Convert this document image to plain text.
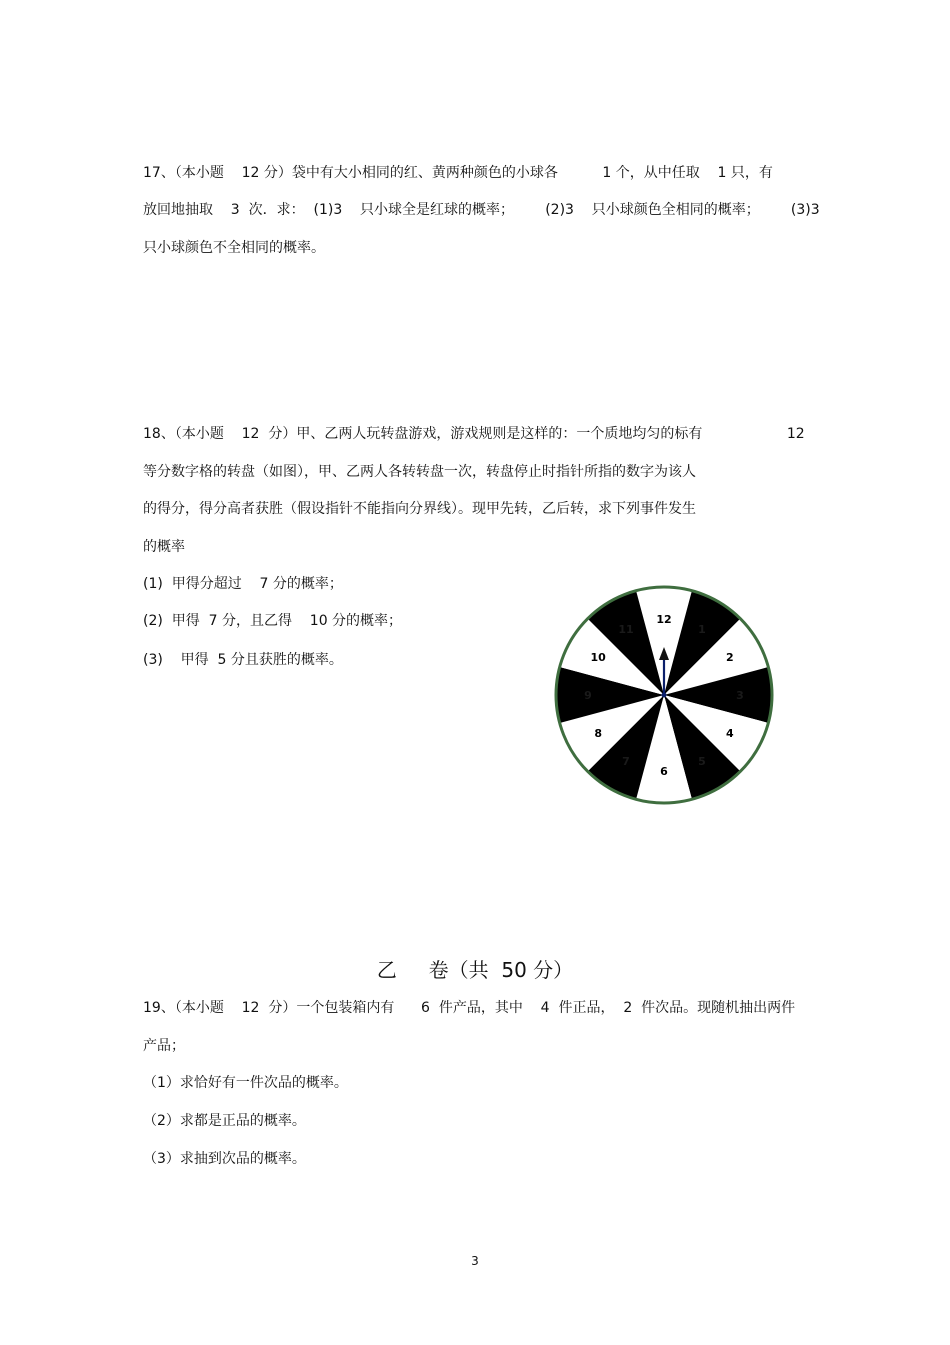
17、（本小题    12 分）袋中有大小相同的红、黄两种颜色的小球各          1 个，从中任取    1 只，有
放回地抽取    3  次．求：  (1)3    只小球全是红球的概率；       (2)3    只小球颜色全相同的概率；       (3)3
只小球颜色不全相同的概率。
18、（本小题    12  分）甲、乙两人玩转盘游戏，游戏规则是这样的：一个质地均匀的标有                   12
等分数字格的转盘（如图），甲、乙两人各转转盘一次，转盘停止时指针所指的数字为该人
的得分，得分高者获胜（假设指针不能指向分界线）。现甲先转，乙后转，求下列事件发生
的概率
(1)  甲得分超过    7 分的概率；
(2)  甲得  7 分，且乙得    10 分的概率；
(3)    甲得  5 分且获胜的概率。
12
1
2
3
4
5
6
7
8
9
10
11
乙     卷（共  50 分）
19、（本小题    12  分）一个包装箱内有      6  件产品，其中    4  件正品，  2  件次品。现随机抽出两件
产品；
（1）求恰好有一件次品的概率。
（2）求都是正品的概率。
（3）求抽到次品的概率。
3
